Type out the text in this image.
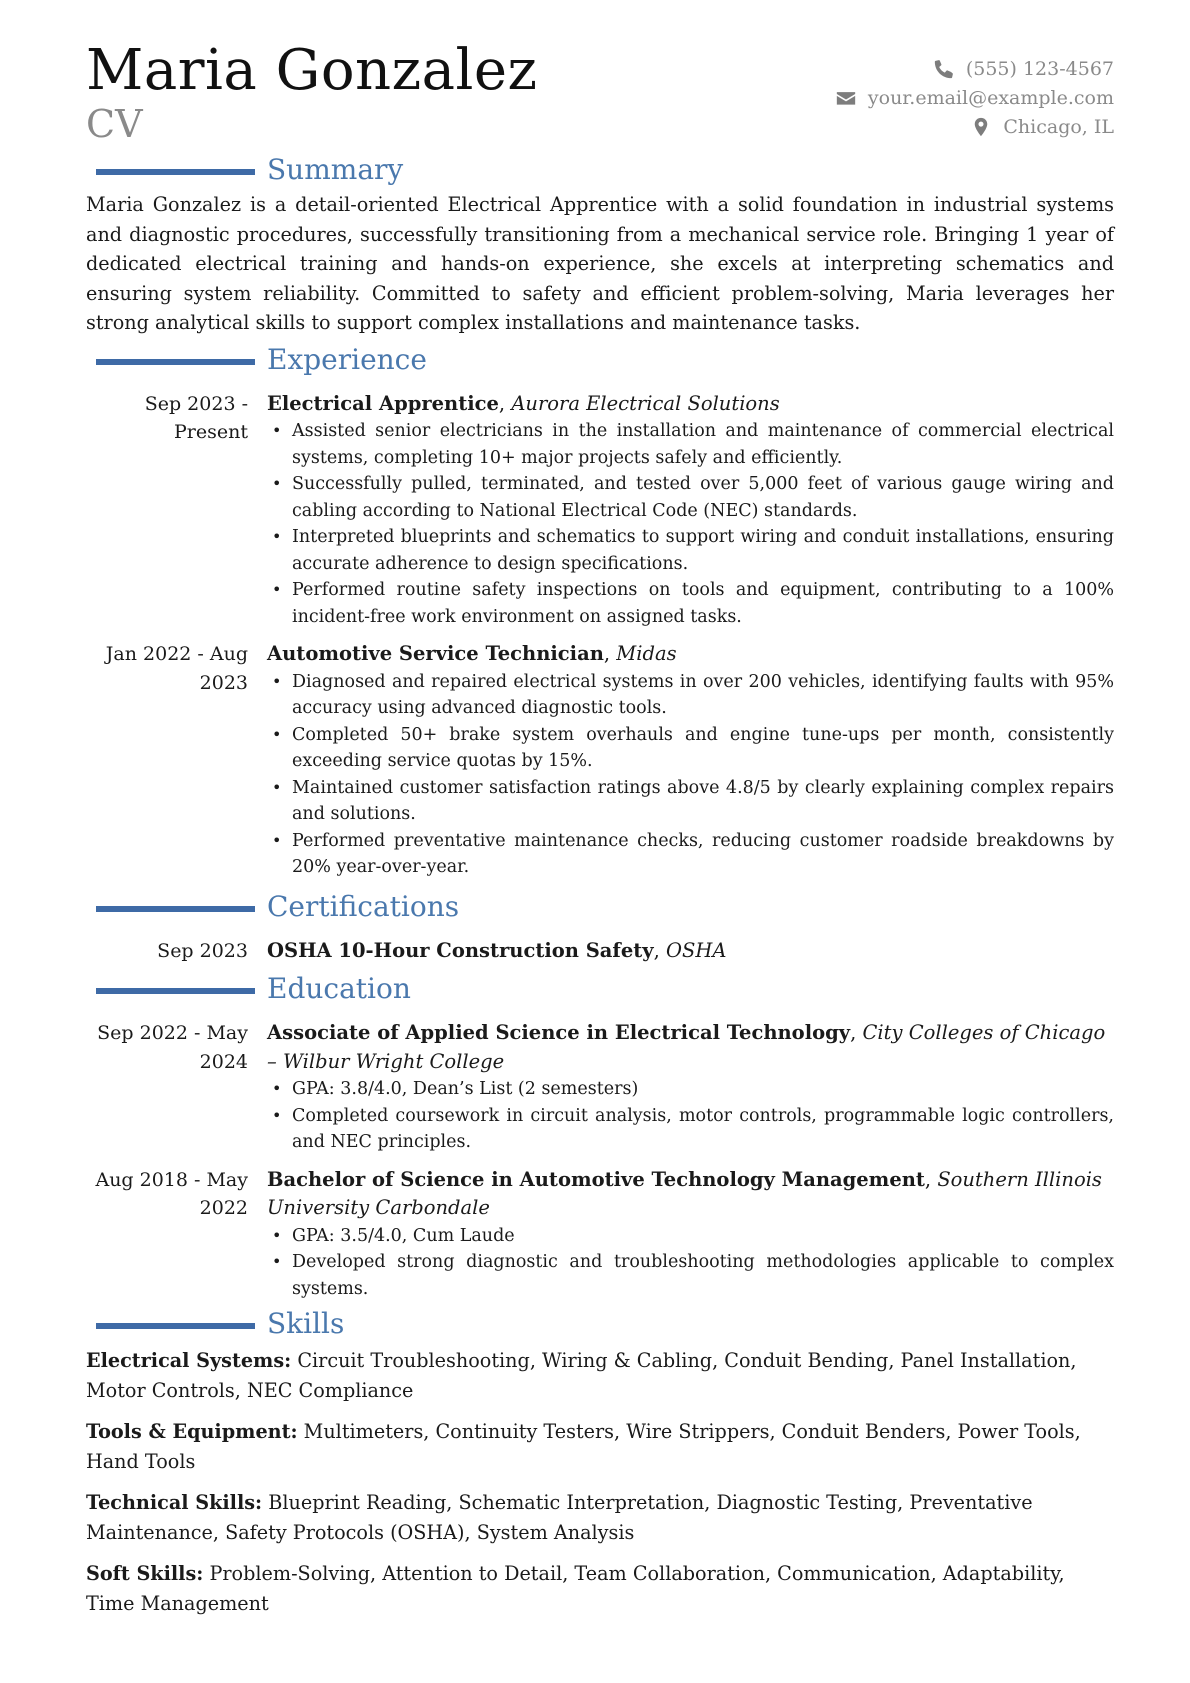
Maria Gonzalez
CV
(555) 123-4567
your.email@example.com
Chicago, IL
Summary

Maria Gonzalez is a detail-oriented Electrical Apprentice with a solid foundation in industrial systems and diagnostic procedures, successfully transitioning from a mechanical service role. Bringing 1 year of dedicated electrical training and hands-on experience, she excels at interpreting schematics and ensuring system reliability. Committed to safety and efficient problem-solving, Maria leverages her strong analytical skills to support complex installations and maintenance tasks.

Experience
Sep 2023 - Present
Electrical Apprentice, Aurora Electrical Solutions
• Assisted senior electricians in the installation and maintenance of commercial electrical systems, completing 10+ major projects safely and efficiently.
• Successfully pulled, terminated, and tested over 5,000 feet of various gauge wiring and cabling according to National Electrical Code (NEC) standards.
• Interpreted blueprints and schematics to support wiring and conduit installations, ensuring accurate adherence to design specifications.
• Performed routine safety inspections on tools and equipment, contributing to a 100% incident-free work environment on assigned tasks.
Jan 2022 - Aug 2023
Automotive Service Technician, Midas
• Diagnosed and repaired electrical systems in over 200 vehicles, identifying faults with 95% accuracy using advanced diagnostic tools.
• Completed 50+ brake system overhauls and engine tune-ups per month, consistently exceeding service quotas by 15%.
• Maintained customer satisfaction ratings above 4.8/5 by clearly explaining complex repairs and solutions.
• Performed preventative maintenance checks, reducing customer roadside breakdowns by 20% year-over-year.
Certifications
Sep 2023 OSHA 10-Hour Construction Safety, OSHA
Education
Sep 2022 - May 2024
Associate of Applied Science in Electrical Technology, City Colleges of Chicago – Wilbur Wright College
• GPA: 3.8/4.0, Dean’s List (2 semesters)
• Completed coursework in circuit analysis, motor controls, programmable logic controllers, and NEC principles.
Aug 2018 - May 2022
Bachelor of Science in Automotive Technology Management, Southern Illinois University Carbondale
• GPA: 3.5/4.0, Cum Laude
• Developed strong diagnostic and troubleshooting methodologies applicable to complex systems.
Skills
Electrical Systems: Circuit Troubleshooting, Wiring & Cabling, Conduit Bending, Panel Installation, Motor Controls, NEC Compliance
Tools & Equipment: Multimeters, Continuity Testers, Wire Strippers, Conduit Benders, Power Tools, Hand Tools
Technical Skills: Blueprint Reading, Schematic Interpretation, Diagnostic Testing, Preventative Maintenance, Safety Protocols (OSHA), System Analysis
Soft Skills: Problem-Solving, Attention to Detail, Team Collaboration, Communication, Adaptability, Time Management
